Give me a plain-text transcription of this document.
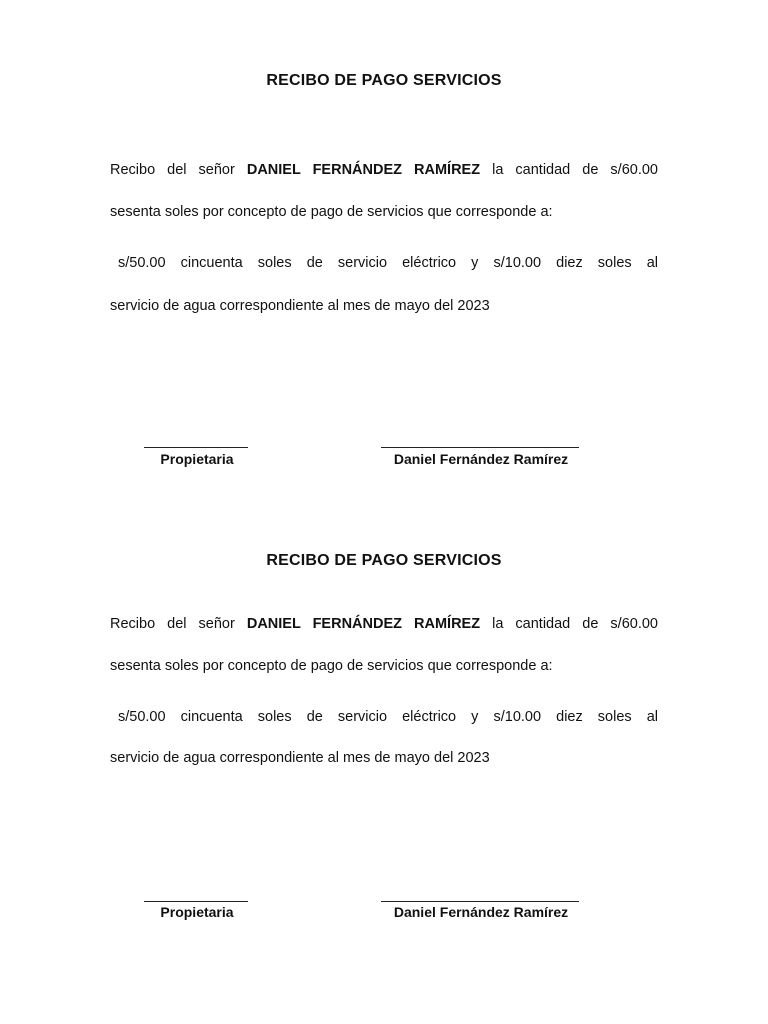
RECIBO DE PAGO SERVICIOS
Recibo del señor DANIEL FERNÁNDEZ RAMÍREZ la cantidad de s/60.00
sesenta soles por concepto de pago de servicios que corresponde a:
s/50.00 cincuenta soles de servicio eléctrico y s/10.00 diez soles al
servicio de agua correspondiente al mes de mayo del 2023
Propietaria	Daniel Fernández Ramírez
RECIBO DE PAGO SERVICIOS
Recibo del señor DANIEL FERNÁNDEZ RAMÍREZ la cantidad de s/60.00
sesenta soles por concepto de pago de servicios que corresponde a:
s/50.00 cincuenta soles de servicio eléctrico y s/10.00 diez soles al
servicio de agua correspondiente al mes de mayo del 2023
Propietaria	Daniel Fernández Ramírez
